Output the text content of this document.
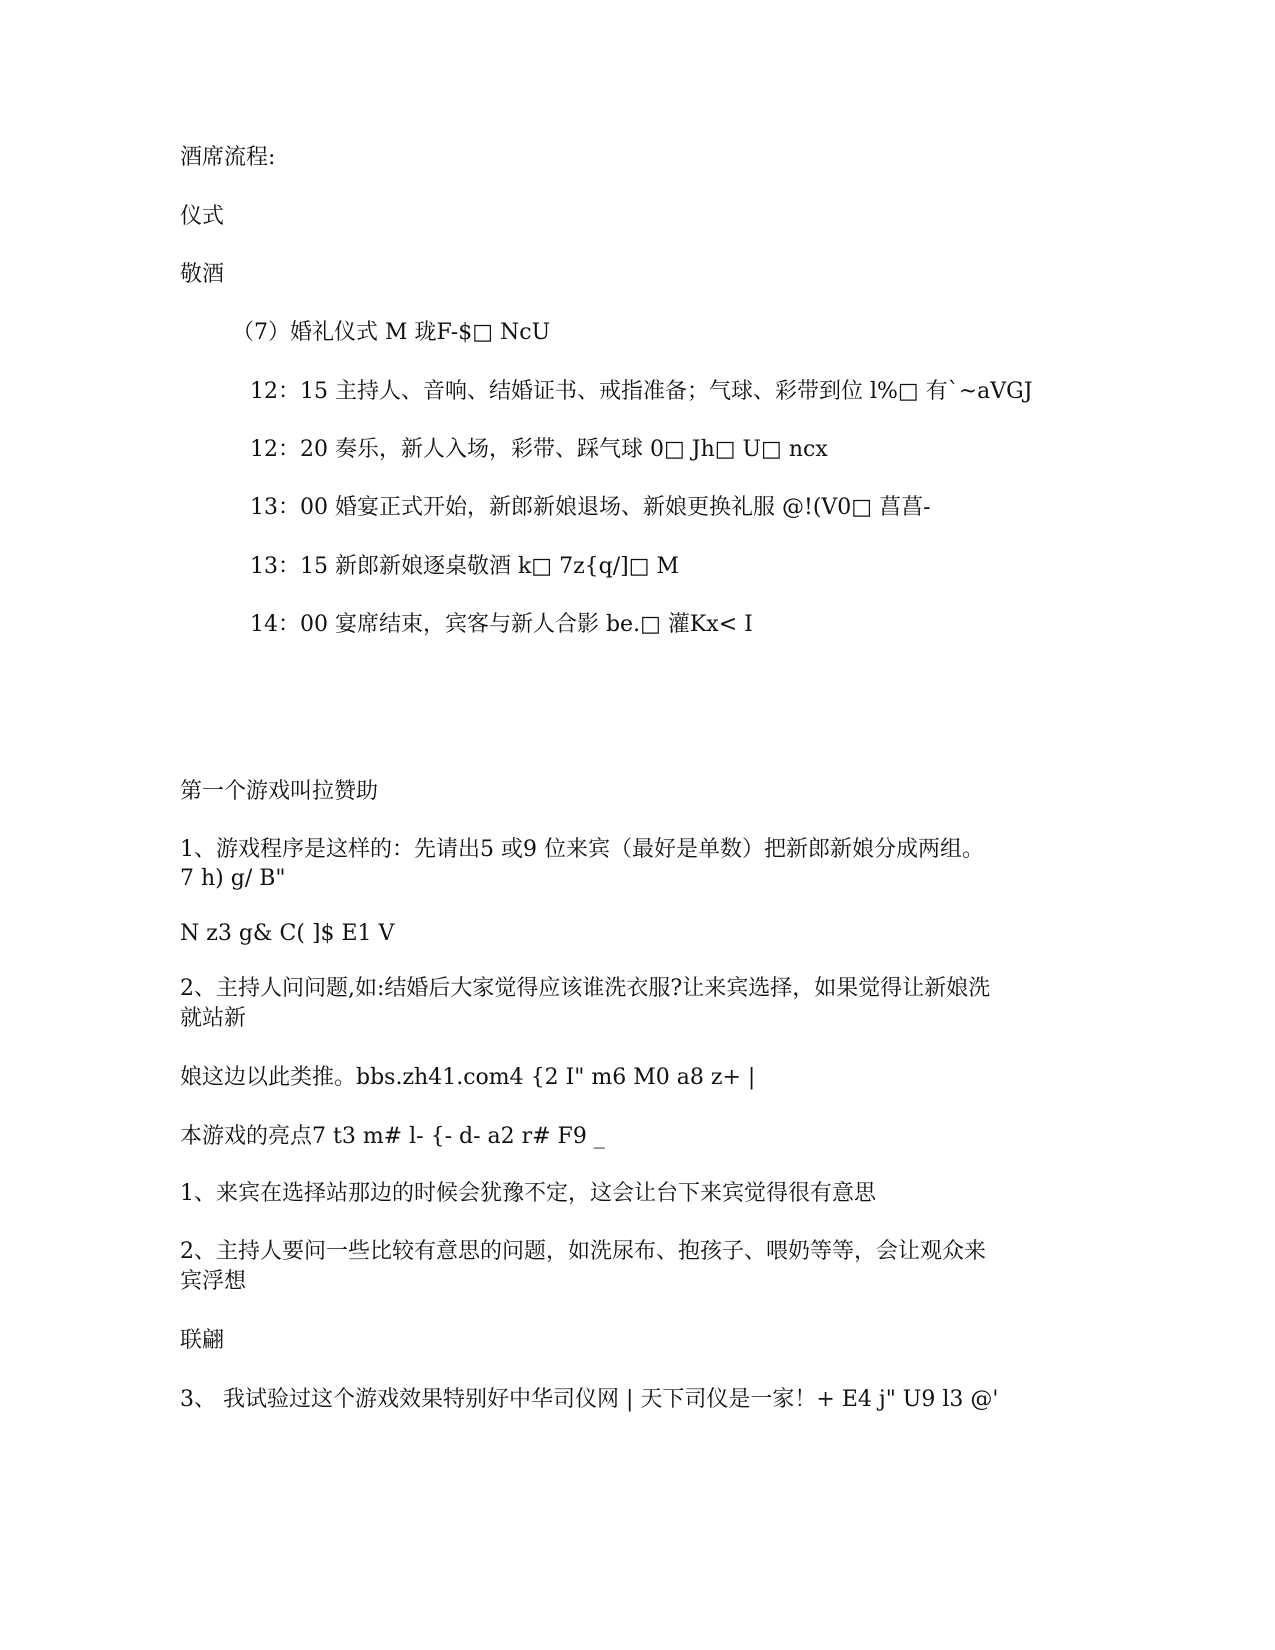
酒席流程:
仪式
敬酒
（7）婚礼仪式 M 珑F-$□ NcU
12：15 主持人、音响、结婚证书、戒指准备；气球、彩带到位 l%□ 有`~aVGJ
12：20 奏乐，新人入场，彩带、踩气球 0□ Jh□ U□ ncx
13：00 婚宴正式开始，新郎新娘退场、新娘更换礼服 @!(V0□ 菖菖-
13：15 新郎新娘逐桌敬酒 k□ 7z{q/]□ M
14：00 宴席结束，宾客与新人合影 be.□ 灌Kx< I
第一个游戏叫拉赞助
1、游戏程序是这样的：先请出5 或9 位来宾（最好是单数）把新郎新娘分成两组。
7 h) g/ B"
N z3 g& C( ]$ E1 V
2、主持人问问题,如:结婚后大家觉得应该谁洗衣服?让来宾选择，如果觉得让新娘洗
就站新
娘这边以此类推。bbs.zh41.com4 {2 I" m6 M0 a8 z+ |
本游戏的亮点7 t3 m# l- {- d- a2 r# F9 _
1、来宾在选择站那边的时候会犹豫不定，这会让台下来宾觉得很有意思
2、主持人要问一些比较有意思的问题，如洗尿布、抱孩子、喂奶等等，会让观众来
宾浮想
联翩
3、 我试验过这个游戏效果特别好中华司仪网 | 天下司仪是一家！+ E4 j" U9 l3 @'
